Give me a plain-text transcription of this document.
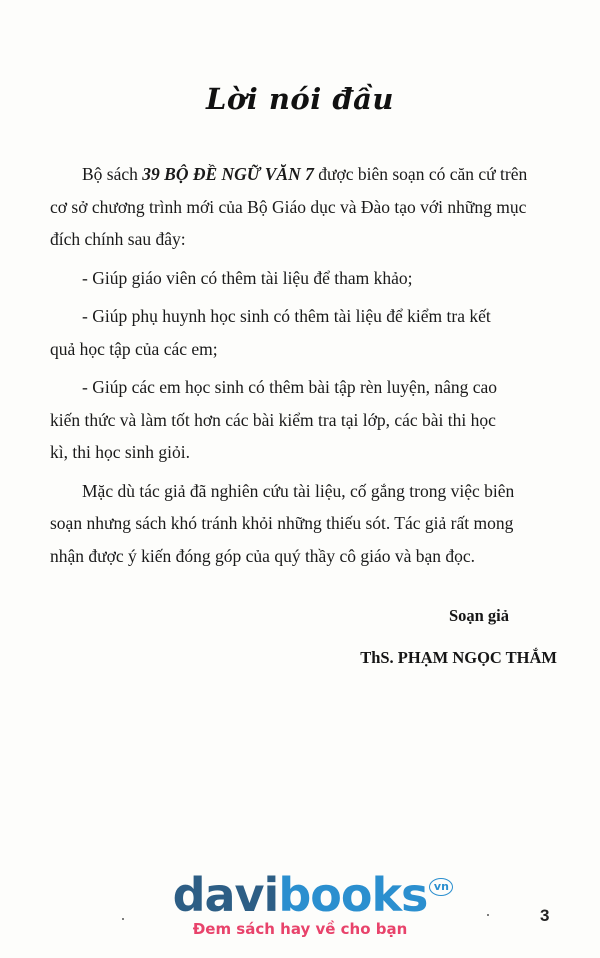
Lời nói đầu

Bộ sách 39 BỘ ĐỀ NGỮ VĂN 7 được biên soạn có căn cứ trên
cơ sở chương trình mới của Bộ Giáo dục và Đào tạo với những mục
đích chính sau đây:

- Giúp giáo viên có thêm tài liệu để tham khảo;

- Giúp phụ huynh học sinh có thêm tài liệu để kiểm tra kết
quả học tập của các em;

- Giúp các em học sinh có thêm bài tập rèn luyện, nâng cao
kiến thức và làm tốt hơn các bài kiểm tra tại lớp, các bài thi học
kì, thi học sinh giỏi.

Mặc dù tác giả đã nghiên cứu tài liệu, cố gắng trong việc biên
soạn nhưng sách khó tránh khỏi những thiếu sót. Tác giả rất mong
nhận được ý kiến đóng góp của quý thầy cô giáo và bạn đọc.

Soạn giả
ThS. PHẠM NGỌC THẮM
davibooks vn
Đem sách hay về cho bạn
3
